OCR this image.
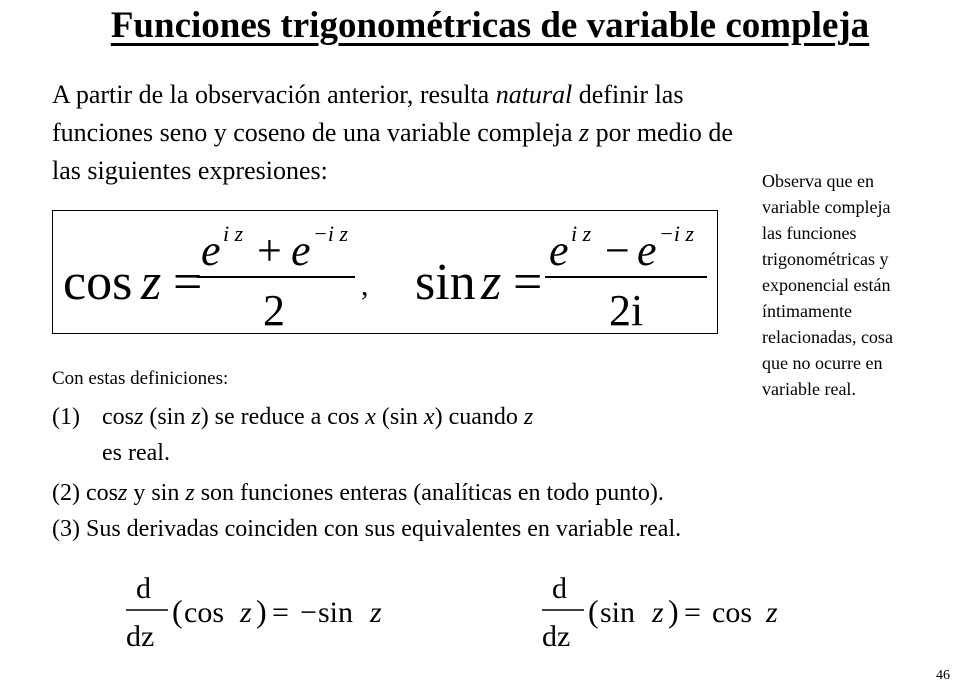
Funciones trigonométricas de variable compleja
A partir de la observación anterior, resulta natural definir las
funciones seno y coseno de una variable compleja z por medio de
las siguientes expresiones:
cos z =
e i z + e −i z
2
, sin z =
e i z − e −i z
2i
Observa que en
variable compleja
las funciones
trigonométricas y
exponencial están
íntimamente
relacionadas, cosa
que no ocurre en
variable real.
Con estas definiciones:
(1) cosz (sin z) se reduce a cos x (sin x) cuando z
es real.
(2) cosz y sin z son funciones enteras (analíticas en todo punto).
(3) Sus derivadas coinciden con sus equivalentes en variable real.
d
dz
( cos z ) = − sin z
d
dz
( sin z ) = cos z
46
